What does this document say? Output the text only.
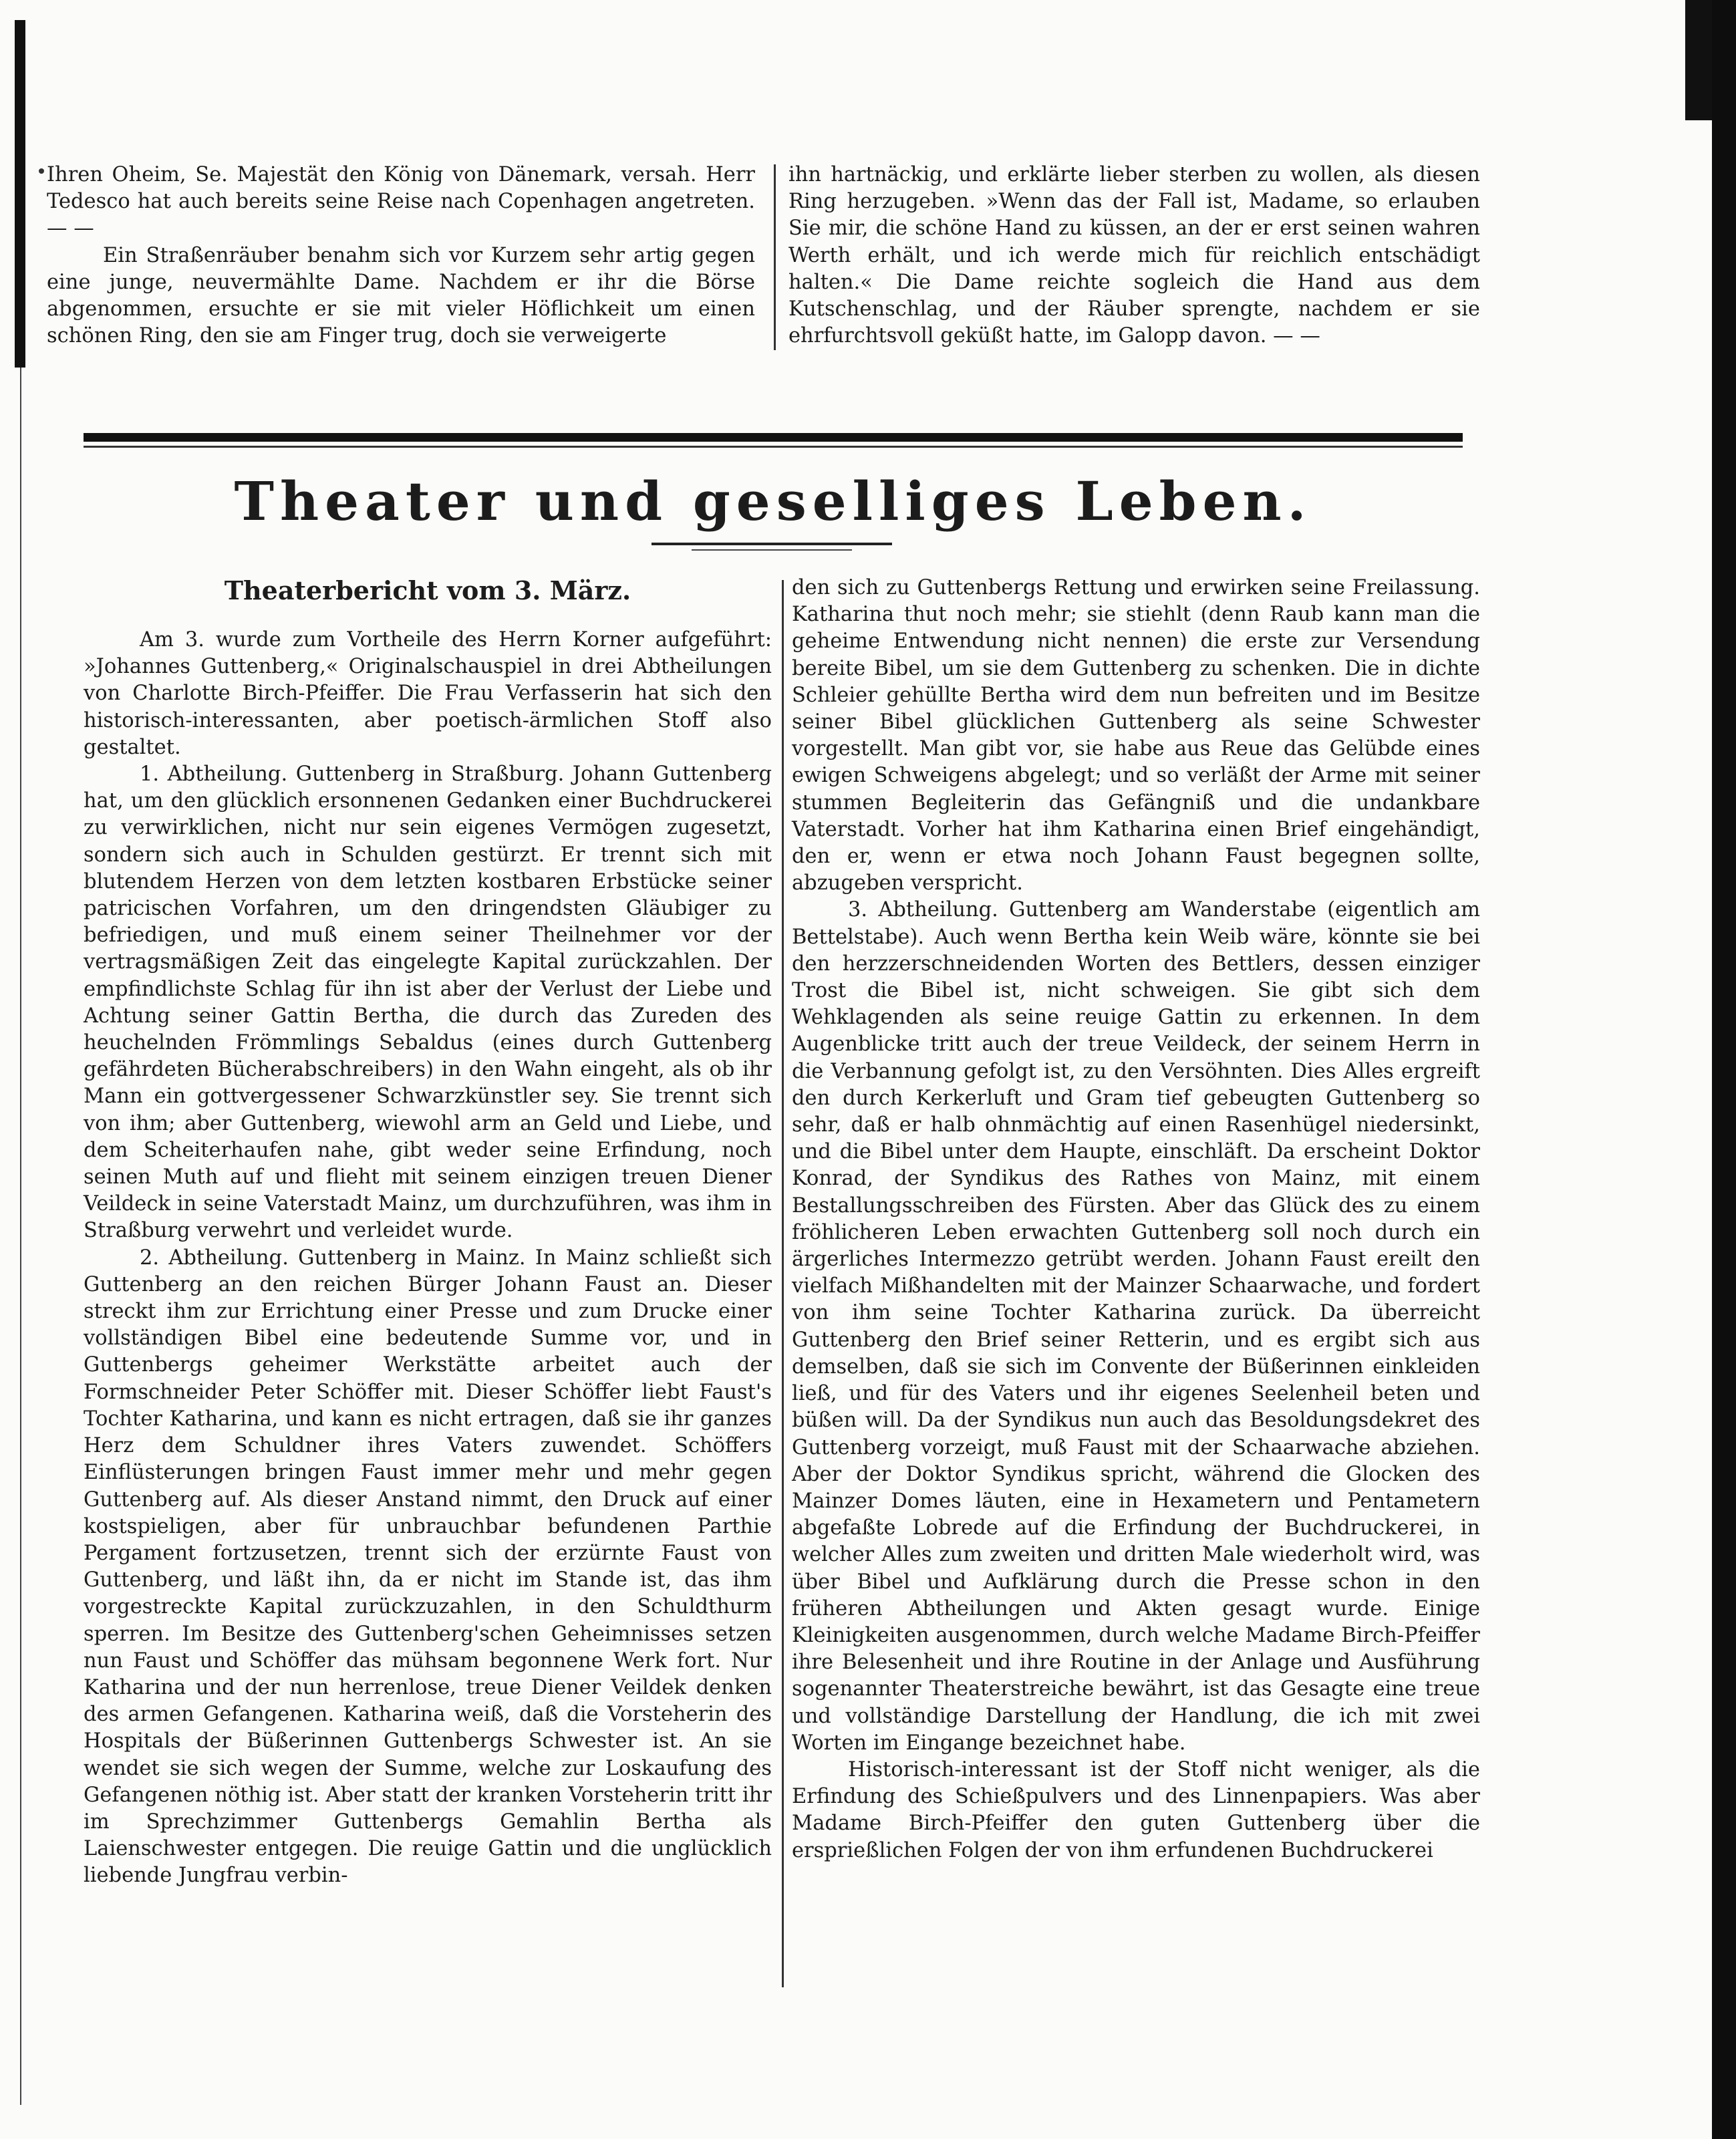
Ihren Oheim, Se. Majestät den König von Dänemark, versah. Herr Tedesco hat auch bereits seine Reise nach Copenhagen angetreten. — —

Ein Straßenräuber benahm sich vor Kurzem sehr artig gegen eine junge, neuvermählte Dame. Nachdem er ihr die Börse abgenommen, ersuchte er sie mit vieler Höflichkeit um einen schönen Ring, den sie am Finger trug, doch sie verweigerte

ihn hartnäckig, und erklärte lieber sterben zu wollen, als diesen Ring herzugeben. »Wenn das der Fall ist, Madame, so erlauben Sie mir, die schöne Hand zu küssen, an der er erst seinen wahren Werth erhält, und ich werde mich für reichlich entschädigt halten.« Die Dame reichte sogleich die Hand aus dem Kutschenschlag, und der Räuber sprengte, nachdem er sie ehrfurchtsvoll geküßt hatte, im Galopp davon. — —

Theater und geselliges Leben.
Theaterbericht vom 3. März.

Am 3. wurde zum Vortheile des Herrn Korner aufgeführt: »Johannes Guttenberg,« Originalschauspiel in drei Abtheilungen von Charlotte Birch-Pfeiffer. Die Frau Verfasserin hat sich den historisch-interessanten, aber poetisch-ärmlichen Stoff also gestaltet.

1. Abtheilung. Guttenberg in Straßburg. Johann Guttenberg hat, um den glücklich ersonnenen Gedanken einer Buchdruckerei zu verwirklichen, nicht nur sein eigenes Vermögen zugesetzt, sondern sich auch in Schulden gestürzt. Er trennt sich mit blutendem Herzen von dem letzten kostbaren Erbstücke seiner patricischen Vorfahren, um den dringendsten Gläubiger zu befriedigen, und muß einem seiner Theilnehmer vor der vertragsmäßigen Zeit das eingelegte Kapital zurückzahlen. Der empfindlichste Schlag für ihn ist aber der Verlust der Liebe und Achtung seiner Gattin Bertha, die durch das Zureden des heuchelnden Frömmlings Sebaldus (eines durch Guttenberg gefährdeten Bücherabschreibers) in den Wahn eingeht, als ob ihr Mann ein gottvergessener Schwarzkünstler sey. Sie trennt sich von ihm; aber Guttenberg, wiewohl arm an Geld und Liebe, und dem Scheiterhaufen nahe, gibt weder seine Erfindung, noch seinen Muth auf und flieht mit seinem einzigen treuen Diener Veildeck in seine Vaterstadt Mainz, um durchzuführen, was ihm in Straßburg verwehrt und verleidet wurde.

2. Abtheilung. Guttenberg in Mainz. In Mainz schließt sich Guttenberg an den reichen Bürger Johann Faust an. Dieser streckt ihm zur Errichtung einer Presse und zum Drucke einer vollständigen Bibel eine bedeutende Summe vor, und in Guttenbergs geheimer Werkstätte arbeitet auch der Formschneider Peter Schöffer mit. Dieser Schöffer liebt Faust's Tochter Katharina, und kann es nicht ertragen, daß sie ihr ganzes Herz dem Schuldner ihres Vaters zuwendet. Schöffers Einflüsterungen bringen Faust immer mehr und mehr gegen Guttenberg auf. Als dieser Anstand nimmt, den Druck auf einer kostspieligen, aber für unbrauchbar befundenen Parthie Pergament fortzusetzen, trennt sich der erzürnte Faust von Guttenberg, und läßt ihn, da er nicht im Stande ist, das ihm vorgestreckte Kapital zurückzuzahlen, in den Schuldthurm sperren. Im Besitze des Guttenberg'schen Geheimnisses setzen nun Faust und Schöffer das mühsam begonnene Werk fort. Nur Katharina und der nun herrenlose, treue Diener Veildek denken des armen Gefangenen. Katharina weiß, daß die Vorsteherin des Hospitals der Büßerinnen Guttenbergs Schwester ist. An sie wendet sie sich wegen der Summe, welche zur Loskaufung des Gefangenen nöthig ist. Aber statt der kranken Vorsteherin tritt ihr im Sprechzimmer Guttenbergs Gemahlin Bertha als Laienschwester entgegen. Die reuige Gattin und die unglücklich liebende Jungfrau verbin-

den sich zu Guttenbergs Rettung und erwirken seine Freilassung. Katharina thut noch mehr; sie stiehlt (denn Raub kann man die geheime Entwendung nicht nennen) die erste zur Versendung bereite Bibel, um sie dem Guttenberg zu schenken. Die in dichte Schleier gehüllte Bertha wird dem nun befreiten und im Besitze seiner Bibel glücklichen Guttenberg als seine Schwester vorgestellt. Man gibt vor, sie habe aus Reue das Gelübde eines ewigen Schweigens abgelegt; und so verläßt der Arme mit seiner stummen Begleiterin das Gefängniß und die undankbare Vaterstadt. Vorher hat ihm Katharina einen Brief eingehändigt, den er, wenn er etwa noch Johann Faust begegnen sollte, abzugeben verspricht.

3. Abtheilung. Guttenberg am Wanderstabe (eigentlich am Bettelstabe). Auch wenn Bertha kein Weib wäre, könnte sie bei den herzzerschneidenden Worten des Bettlers, dessen einziger Trost die Bibel ist, nicht schweigen. Sie gibt sich dem Wehklagenden als seine reuige Gattin zu erkennen. In dem Augenblicke tritt auch der treue Veildeck, der seinem Herrn in die Verbannung gefolgt ist, zu den Versöhnten. Dies Alles ergreift den durch Kerkerluft und Gram tief gebeugten Guttenberg so sehr, daß er halb ohnmächtig auf einen Rasenhügel niedersinkt, und die Bibel unter dem Haupte, einschläft. Da erscheint Doktor Konrad, der Syndikus des Rathes von Mainz, mit einem Bestallungsschreiben des Fürsten. Aber das Glück des zu einem fröhlicheren Leben erwachten Guttenberg soll noch durch ein ärgerliches Intermezzo getrübt werden. Johann Faust ereilt den vielfach Mißhandelten mit der Mainzer Schaarwache, und fordert von ihm seine Tochter Katharina zurück. Da überreicht Guttenberg den Brief seiner Retterin, und es ergibt sich aus demselben, daß sie sich im Convente der Büßerinnen einkleiden ließ, und für des Vaters und ihr eigenes Seelenheil beten und büßen will. Da der Syndikus nun auch das Besoldungsdekret des Guttenberg vorzeigt, muß Faust mit der Schaarwache abziehen. Aber der Doktor Syndikus spricht, während die Glocken des Mainzer Domes läuten, eine in Hexametern und Pentametern abgefaßte Lobrede auf die Erfindung der Buchdruckerei, in welcher Alles zum zweiten und dritten Male wiederholt wird, was über Bibel und Aufklärung durch die Presse schon in den früheren Abtheilungen und Akten gesagt wurde. Einige Kleinigkeiten ausgenommen, durch welche Madame Birch-Pfeiffer ihre Belesenheit und ihre Routine in der Anlage und Ausführung sogenannter Theaterstreiche bewährt, ist das Gesagte eine treue und vollständige Darstellung der Handlung, die ich mit zwei Worten im Eingange bezeichnet habe.

Historisch-interessant ist der Stoff nicht weniger, als die Erfindung des Schießpulvers und des Linnenpapiers. Was aber Madame Birch-Pfeiffer den guten Guttenberg über die ersprießlichen Folgen der von ihm erfundenen Buchdruckerei
